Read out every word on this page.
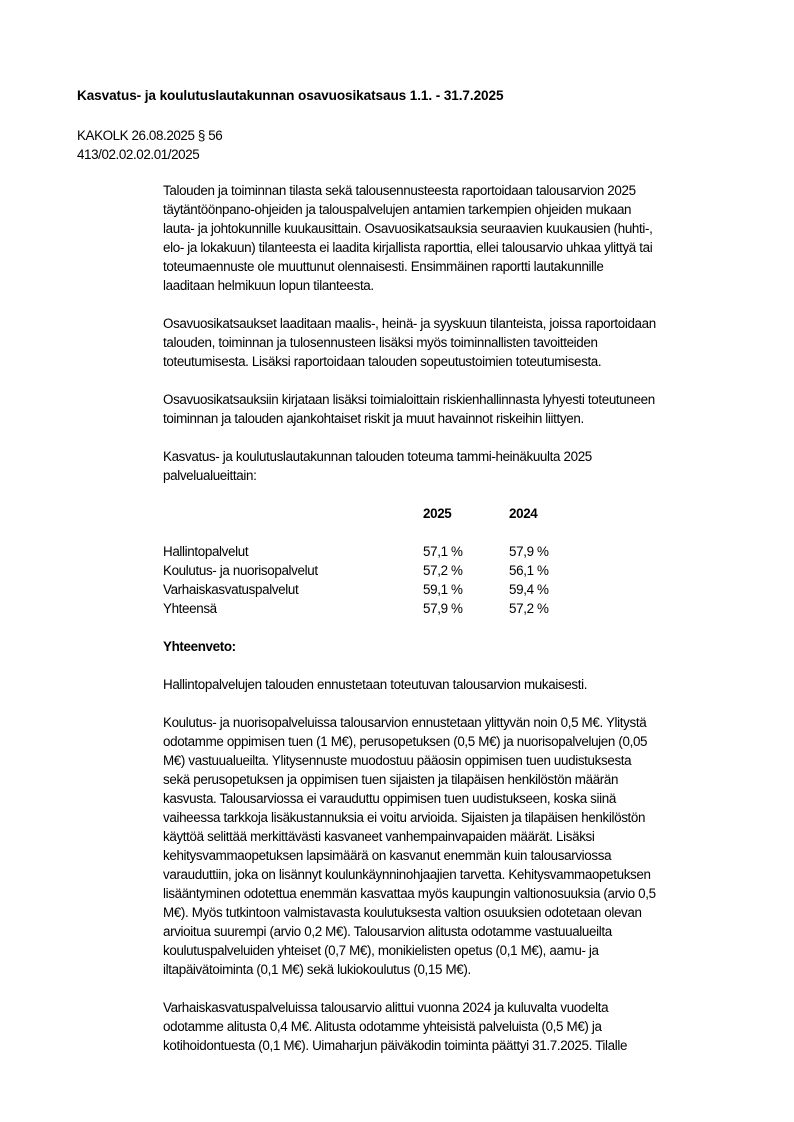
Kasvatus- ja koulutuslautakunnan osavuosikatsaus 1.1. - 31.7.2025
KAKOLK 26.08.2025 § 56
413/02.02.02.01/2025
Talouden ja toiminnan tilasta sekä talousennusteesta raportoidaan talousarvion 2025
täytäntöönpano-ohjeiden ja talouspalvelujen antamien tarkempien ohjeiden mukaan
lauta- ja johtokunnille kuukausittain. Osavuosikatsauksia seuraavien kuukausien (huhti-,
elo- ja lokakuun) tilanteesta ei laadita kirjallista raporttia, ellei talousarvio uhkaa ylittyä tai
toteumaennuste ole muuttunut olennaisesti. Ensimmäinen raportti lautakunnille
laaditaan helmikuun lopun tilanteesta.
Osavuosikatsaukset laaditaan maalis-, heinä- ja syyskuun tilanteista, joissa raportoidaan
talouden, toiminnan ja tulosennusteen lisäksi myös toiminnallisten tavoitteiden
toteutumisesta. Lisäksi raportoidaan talouden sopeutustoimien toteutumisesta.
Osavuosikatsauksiin kirjataan lisäksi toimialoittain riskienhallinnasta lyhyesti toteutuneen
toiminnan ja talouden ajankohtaiset riskit ja muut havainnot riskeihin liittyen.
Kasvatus- ja koulutuslautakunnan talouden toteuma tammi-heinäkuulta 2025
palvelualueittain:
2025	2024
Hallintopalvelut	57,1 %	57,9 %
Koulutus- ja nuorisopalvelut	57,2 %	56,1 %
Varhaiskasvatuspalvelut	59,1 %	59,4 %
Yhteensä	57,9 %	57,2 %
Yhteenveto:
Hallintopalvelujen talouden ennustetaan toteutuvan talousarvion mukaisesti.
Koulutus- ja nuorisopalveluissa talousarvion ennustetaan ylittyvän noin 0,5 M€. Ylitystä
odotamme oppimisen tuen (1 M€), perusopetuksen (0,5 M€) ja nuorisopalvelujen (0,05
M€) vastuualueilta. Ylitysennuste muodostuu pääosin oppimisen tuen uudistuksesta
sekä perusopetuksen ja oppimisen tuen sijaisten ja tilapäisen henkilöstön määrän
kasvusta. Talousarviossa ei varauduttu oppimisen tuen uudistukseen, koska siinä
vaiheessa tarkkoja lisäkustannuksia ei voitu arvioida. Sijaisten ja tilapäisen henkilöstön
käyttöä selittää merkittävästi kasvaneet vanhempainvapaiden määrät. Lisäksi
kehitysvammaopetuksen lapsimäärä on kasvanut enemmän kuin talousarviossa
varauduttiin, joka on lisännyt koulunkäynninohjaajien tarvetta. Kehitysvammaopetuksen
lisääntyminen odotettua enemmän kasvattaa myös kaupungin valtionosuuksia (arvio 0,5
M€). Myös tutkintoon valmistavasta koulutuksesta valtion osuuksien odotetaan olevan
arvioitua suurempi (arvio 0,2 M€). Talousarvion alitusta odotamme vastuualueilta
koulutuspalveluiden yhteiset (0,7 M€), monikielisten opetus (0,1 M€), aamu- ja
iltapäivätoiminta (0,1 M€) sekä lukiokoulutus (0,15 M€).
Varhaiskasvatuspalveluissa talousarvio alittui vuonna 2024 ja kuluvalta vuodelta
odotamme alitusta 0,4 M€. Alitusta odotamme yhteisistä palveluista (0,5 M€) ja
kotihoidontuesta (0,1 M€). Uimaharjun päiväkodin toiminta päättyi 31.7.2025. Tilalle
